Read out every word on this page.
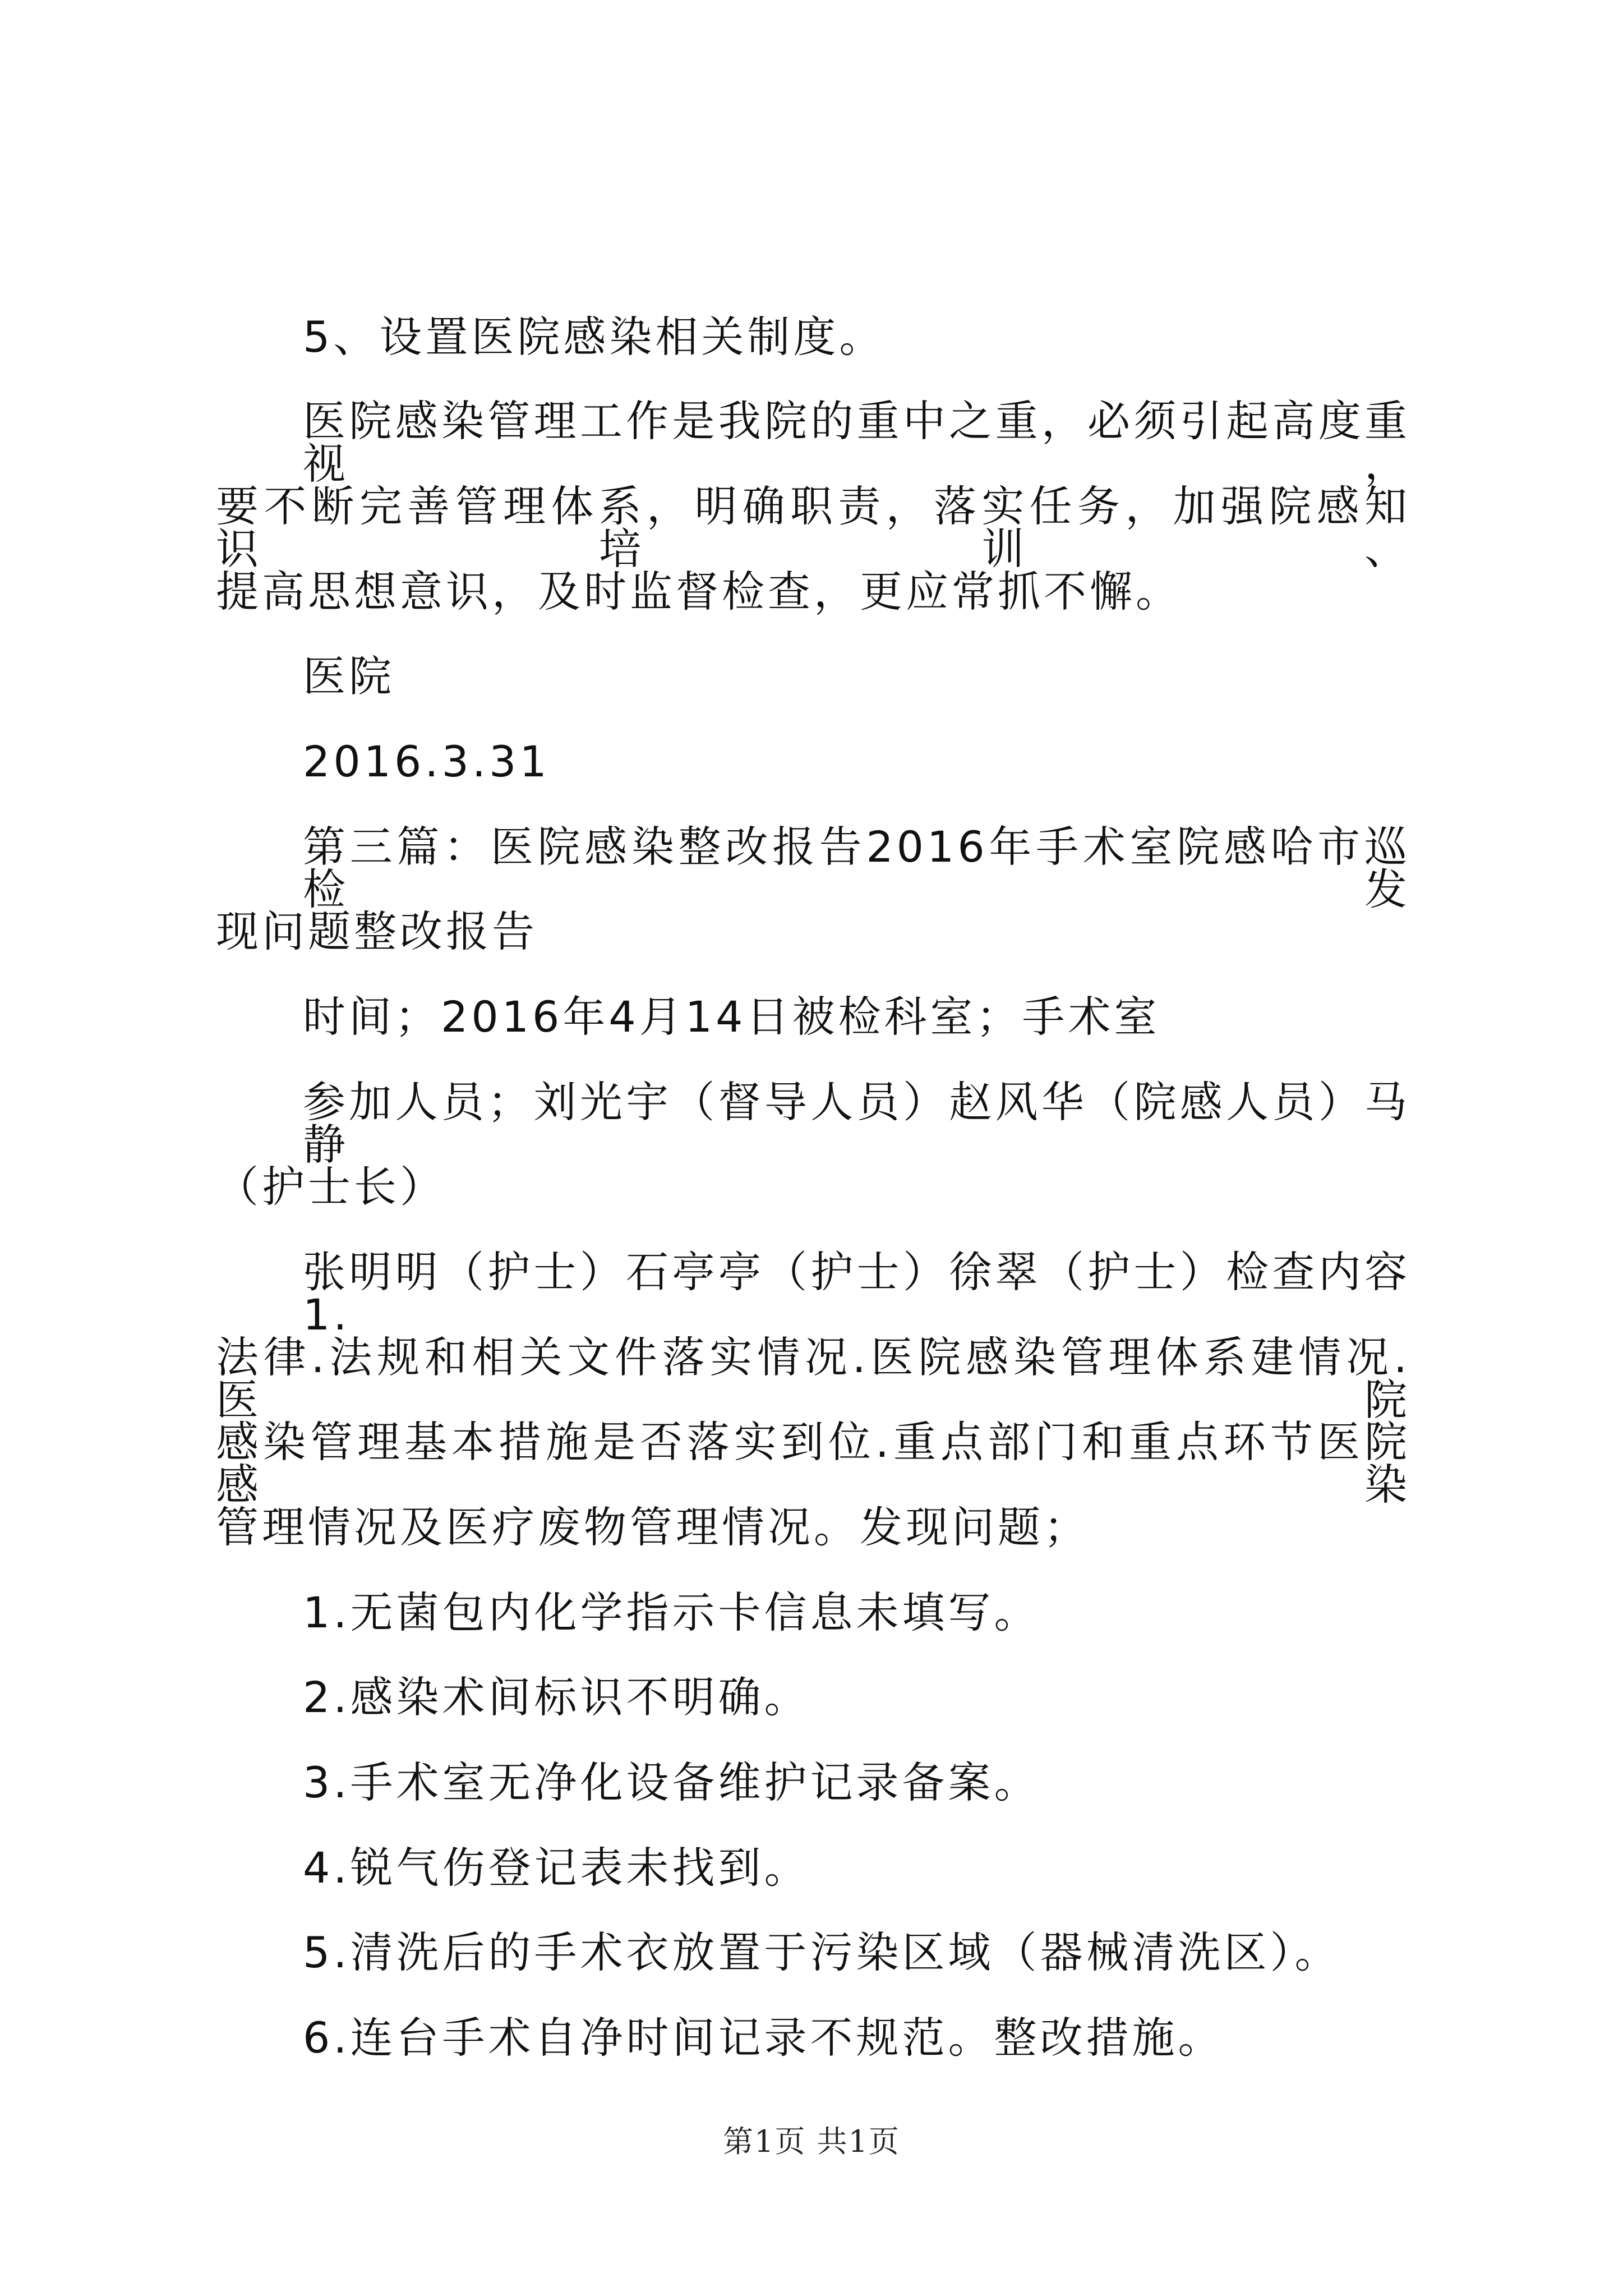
5、设置医院感染相关制度。
医院感染管理工作是我院的重中之重，必须引起高度重视，
要不断完善管理体系，明确职责，落实任务，加强院感知识培训、
提高思想意识，及时监督检查，更应常抓不懈。
医院
2016.3.31
第三篇：医院感染整改报告2016年手术室院感哈市巡检发
现问题整改报告
时间；2016年4月14日被检科室；手术室
参加人员；刘光宇（督导人员）赵风华（院感人员）马静
（护士长）
张明明（护士）石亭亭（护士）徐翠（护士）检查内容1.
法律.法规和相关文件落实情况.医院感染管理体系建情况.医院
感染管理基本措施是否落实到位.重点部门和重点环节医院感染
管理情况及医疗废物管理情况。发现问题；
1.无菌包内化学指示卡信息未填写。
2.感染术间标识不明确。
3.手术室无净化设备维护记录备案。
4.锐气伤登记表未找到。
5.清洗后的手术衣放置于污染区域（器械清洗区）。
6.连台手术自净时间记录不规范。整改措施。
第1页 共1页
